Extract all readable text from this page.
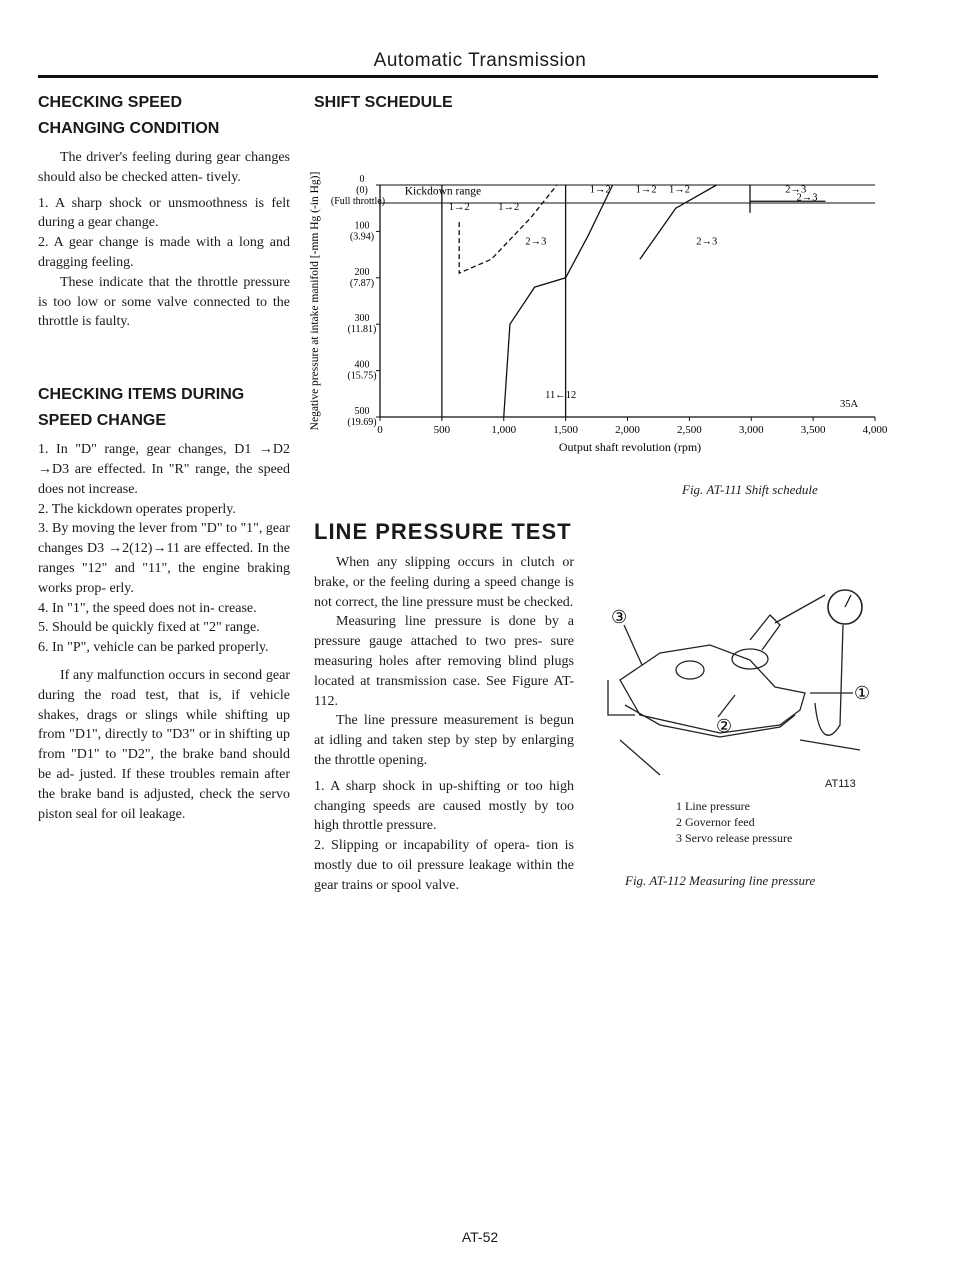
Automatic Transmission
CHECKING SPEED
CHANGING CONDITION

The driver's feeling during gear changes should also be checked atten- tively.

1. A sharp shock or unsmoothness is felt during a gear change.

2. A gear change is made with a long and dragging feeling.

These indicate that the throttle pressure is too low or some valve connected to the throttle is faulty.

CHECKING ITEMS DURING
SPEED CHANGE

1. In "D" range, gear changes, D1 →D2 →D3 are effected. In "R" range, the speed does not increase.

2. The kickdown operates properly.

3. By moving the lever from "D" to "1", gear changes D3 →2(12)→11 are effected. In the ranges "12" and "11", the engine braking works prop- erly.

4. In "1", the speed does not in- crease.

5. Should be quickly fixed at "2" range.

6. In "P", vehicle can be parked properly.

If any malfunction occurs in second gear during the road test, that is, if vehicle shakes, drags or slings while shifting up from "D1", directly to "D3" or in shifting up from "D1" to "D2", the brake band should be ad- justed. If these troubles remain after the brake band is adjusted, check the servo piston seal for oil leakage.

SHIFT SCHEDULE
Negative pressure at intake manifold [-mm Hg (-in Hg)]
Output shaft revolution (rpm)
0	500	1,000	1,500	2,000	2,500	3,000	3,500	4,000
0
(0)
(Full throttle)
100
(3.94)
200
(7.87)
300
(11.81)
400
(15.75)
500
(19.69)
Kickdown range
1→2	1→2
1→2	1→2
2→3	2→3
2→3
2→3
1→2
11←12
35A
Fig. AT-111 Shift schedule
LINE PRESSURE TEST

When any slipping occurs in clutch or brake, or the feeling during a speed change is not correct, the line pressure must be checked.

Measuring line pressure is done by a pressure gauge attached to two pres- sure measuring holes after removing blind plugs located at transmission case. See Figure AT-112.

The line pressure measurement is begun at idling and taken step by step by enlarging the throttle opening.

1. A sharp shock in up-shifting or too high changing speeds are caused mostly by too high throttle pressure.

2. Slipping or incapability of opera- tion is mostly due to oil pressure leakage within the gear trains or spool valve.

③
①
②
AT113

1 Line pressure

2 Governor feed

3 Servo release pressure

Fig. AT-112 Measuring line pressure
AT-52
